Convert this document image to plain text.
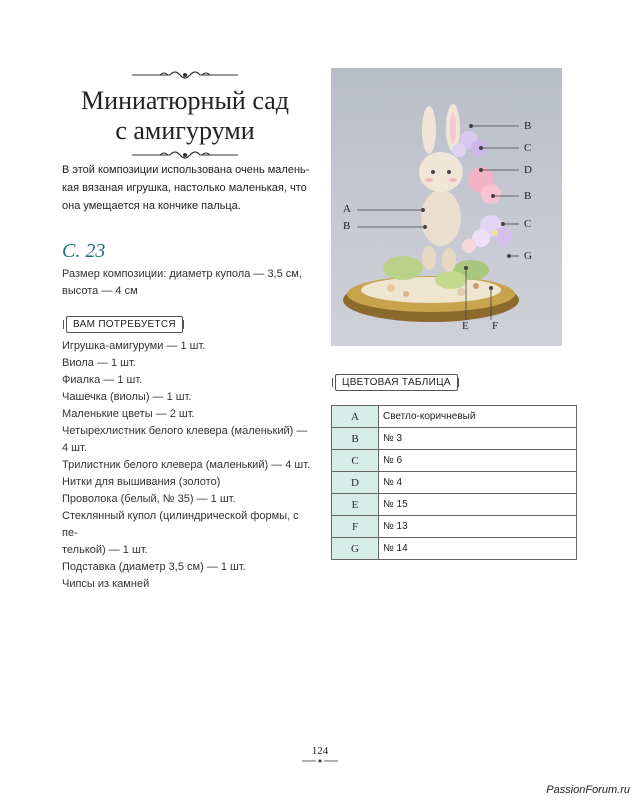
Миниатюрный сад
с амигуруми
В этой композиции использована очень малень-
кая вязаная игрушка, настолько маленькая, что
она умещается на кончике пальца.
С. 23
Размер композиции: диаметр купола — 3,5 см,
высота — 4 см
ВАМ ПОТРЕБУЕТСЯ
Игрушка-амигуруми — 1 шт.
Виола — 1 шт.
Фиалка — 1 шт.
Чашечка (виолы) — 1 шт.
Маленькие цветы — 2 шт.
Четырехлистник белого клевера (маленький) —
4 шт.
Трилистник белого клевера (маленький) — 4 шт.
Нитки для вышивания (золото)
Проволока (белый, № 35) — 1 шт.
Стеклянный купол (цилиндрической формы, с пе-
телькой) — 1 шт.
Подставка (диаметр 3,5 см) — 1 шт.
Чипсы из камней
B
C
D
B
C
G
A
B
E F
ЦВЕТОВАЯ ТАБЛИЦА
A	Светло-коричневый
B	№ 3
C	№ 6
D	№ 4
E	№ 15
F	№ 13
G	№ 14
124
PassionForum.ru
